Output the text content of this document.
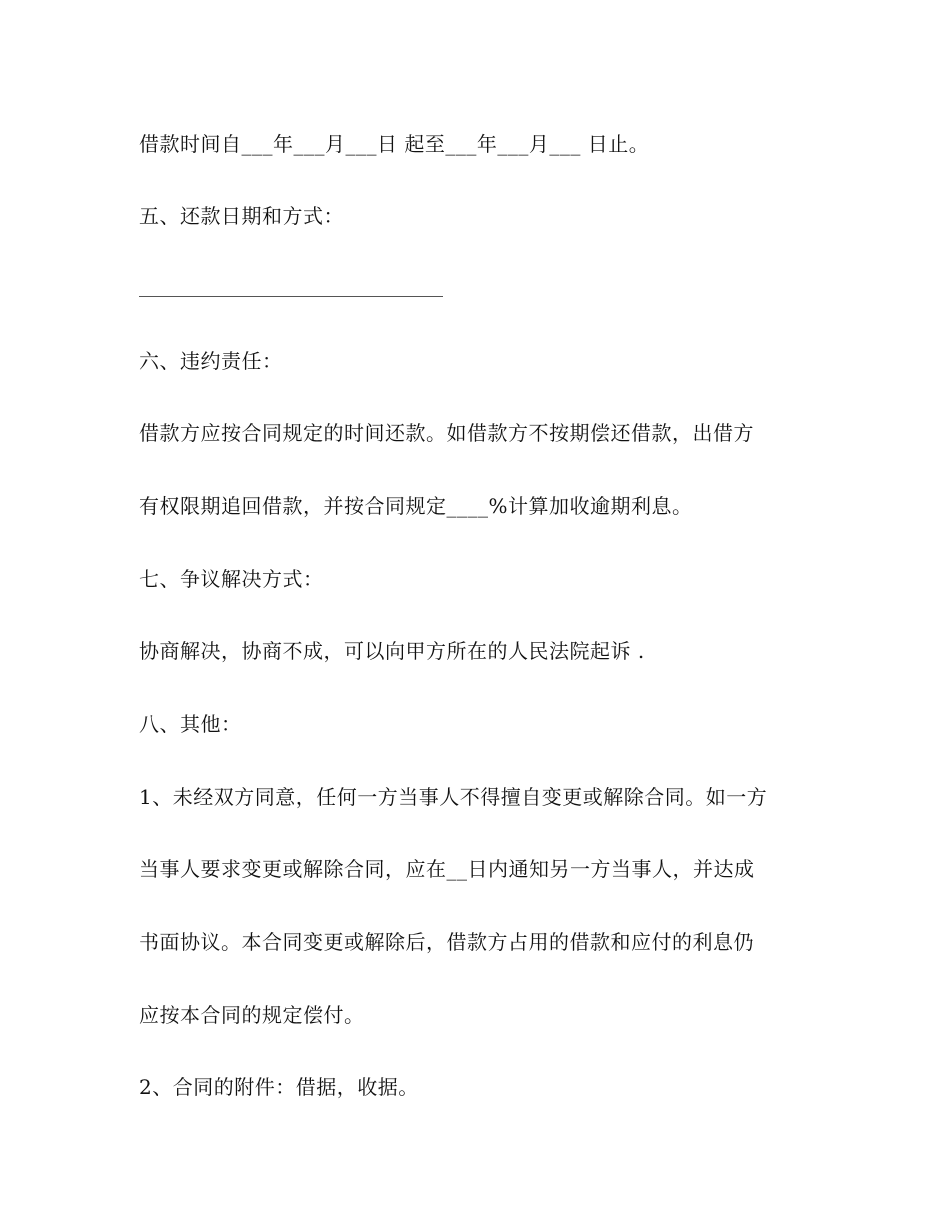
借款时间自___年___月___日 起至___年___月___ 日止。
五、还款日期和方式：
六、违约责任：
借款方应按合同规定的时间还款。如借款方不按期偿还借款，出借方
有权限期追回借款，并按合同规定____%计算加收逾期利息。
七、争议解决方式：
协商解决，协商不成，可以向甲方所在的人民法院起诉 .
八、其他：
1、未经双方同意，任何一方当事人不得擅自变更或解除合同。如一方
当事人要求变更或解除合同，应在__日内通知另一方当事人，并达成
书面协议。本合同变更或解除后，借款方占用的借款和应付的利息仍
应按本合同的规定偿付。
2、合同的附件：借据，收据。
